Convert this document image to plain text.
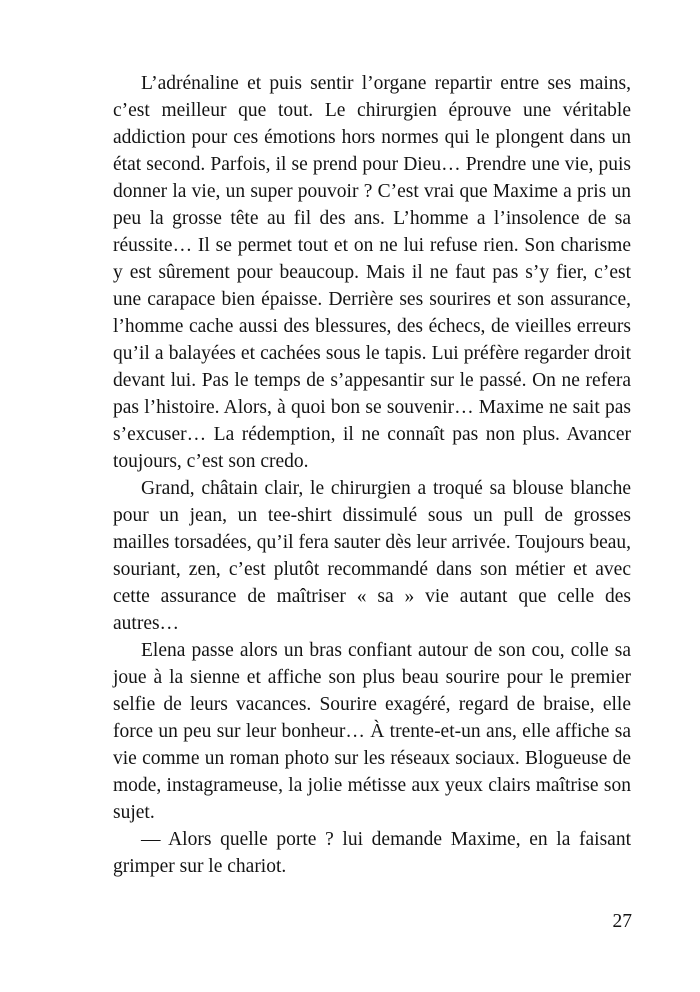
L’adrénaline et puis sentir l’organe repartir entre ses mains, c’est meilleur que tout. Le chirurgien éprouve une véritable addiction pour ces émotions hors normes qui le plongent dans un état second. Parfois, il se prend pour Dieu… Prendre une vie, puis donner la vie, un super pouvoir ? C’est vrai que Maxime a pris un peu la grosse tête au fil des ans. L’homme a l’insolence de sa réussite… Il se permet tout et on ne lui refuse rien. Son charisme y est sûrement pour beaucoup. Mais il ne faut pas s’y fier, c’est une carapace bien épaisse. Derrière ses sourires et son assurance, l’homme cache aussi des blessures, des échecs, de vieilles erreurs qu’il a balayées et cachées sous le tapis. Lui préfère regarder droit devant lui. Pas le temps de s’appesantir sur le passé. On ne refera pas l’histoire. Alors, à quoi bon se souvenir… Maxime ne sait pas s’excuser… La rédemption, il ne connaît pas non plus. Avancer toujours, c’est son credo.

Grand, châtain clair, le chirurgien a troqué sa blouse blanche pour un jean, un tee-shirt dissimulé sous un pull de grosses mailles torsadées, qu’il fera sauter dès leur arrivée. Toujours beau, souriant, zen, c’est plutôt recommandé dans son métier et avec cette assurance de maîtriser « sa » vie autant que celle des autres…

Elena passe alors un bras confiant autour de son cou, colle sa joue à la sienne et affiche son plus beau sourire pour le premier selfie de leurs vacances. Sourire exagéré, regard de braise, elle force un peu sur leur bonheur… À trente-et-un ans, elle affiche sa vie comme un roman photo sur les réseaux sociaux. Blogueuse de mode, instagrameuse, la jolie métisse aux yeux clairs maîtrise son sujet.

— Alors quelle porte ? lui demande Maxime, en la faisant grimper sur le chariot.

27
